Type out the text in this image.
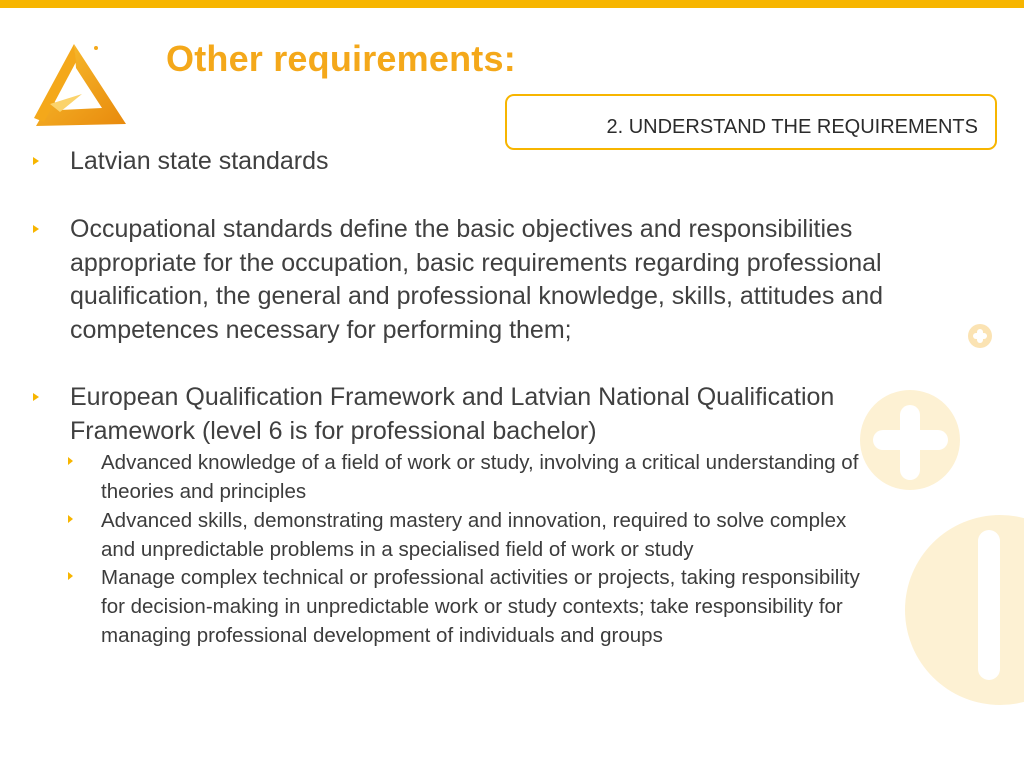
Other requirements:
2. UNDERSTAND THE REQUIREMENTS
Latvian state standards
Occupational standards define the basic objectives and responsibilities
appropriate for the occupation, basic requirements regarding professional
qualification, the general and professional knowledge, skills, attitudes and
competences necessary for performing them;
European Qualification Framework and Latvian National Qualification
Framework (level 6 is for professional bachelor)
Advanced knowledge of a field of work or study, involving a critical understanding of
theories and principles
Advanced skills, demonstrating mastery and innovation, required to solve complex
and unpredictable problems in a specialised field of work or study
Manage complex technical or professional activities or projects, taking responsibility
for decision-making in unpredictable work or study contexts; take responsibility for
managing professional development of individuals and groups
